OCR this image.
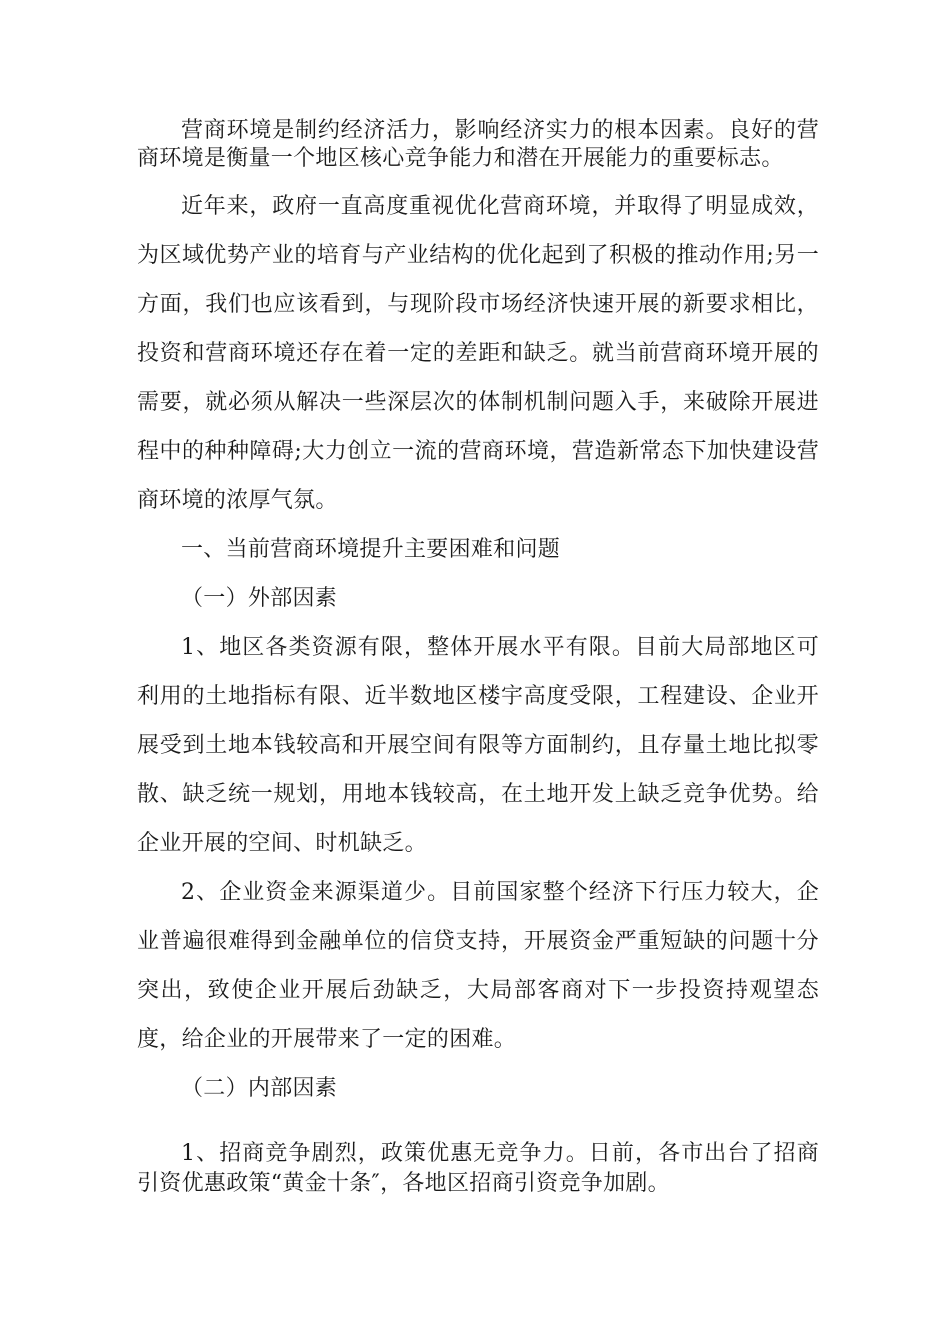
营商环境是制约经济活力，影响经济实力的根本因素。良好的营商环境是衡量一个地区核心竞争能力和潜在开展能力的重要标志。

近年来，政府一直高度重视优化营商环境，并取得了明显成效，为区域优势产业的培育与产业结构的优化起到了积极的推动作用;另一方面，我们也应该看到，与现阶段市场经济快速开展的新要求相比，投资和营商环境还存在着一定的差距和缺乏。就当前营商环境开展的需要，就必须从解决一些深层次的体制机制问题入手，来破除开展进程中的种种障碍;大力创立一流的营商环境，营造新常态下加快建设营商环境的浓厚气氛。

一、当前营商环境提升主要困难和问题

（一）外部因素

1、地区各类资源有限，整体开展水平有限。目前大局部地区可利用的土地指标有限、近半数地区楼宇高度受限，工程建设、企业开展受到土地本钱较高和开展空间有限等方面制约，且存量土地比拟零散、缺乏统一规划，用地本钱较高，在土地开发上缺乏竞争优势。给企业开展的空间、时机缺乏。

2、企业资金来源渠道少。目前国家整个经济下行压力较大，企业普遍很难得到金融单位的信贷支持，开展资金严重短缺的问题十分突出，致使企业开展后劲缺乏，大局部客商对下一步投资持观望态度，给企业的开展带来了一定的困难。

（二）内部因素

1、招商竞争剧烈，政策优惠无竞争力。日前，各市出台了招商引资优惠政策“黄金十条″，各地区招商引资竞争加剧。
